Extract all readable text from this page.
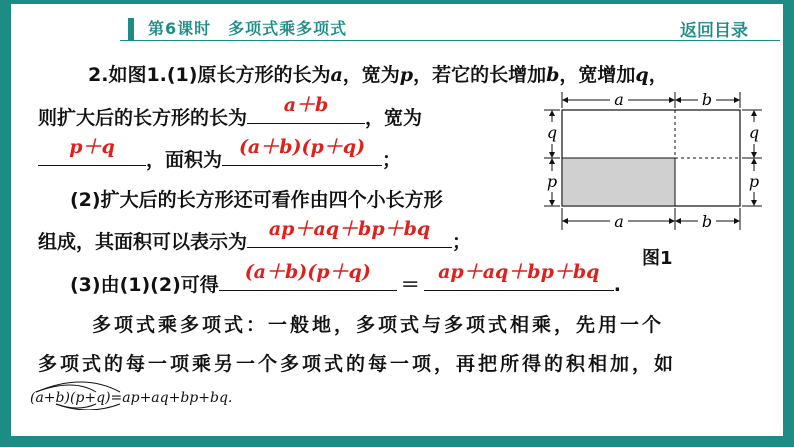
第6课时　多项式乘多项式	返回目录
2.如图1.(1)原长方形的长为a，宽为p，若它的长增加b，宽增加q，
则扩大后的长方形的长为
a＋b
，宽为
p＋q
，面积为
(a＋b)(p＋q)
；
(2)扩大后的长方形还可看作由四个小长方形
组成，其面积可以表示为
ap＋aq＋bp＋bq
；
(3)由(1)(2)可得
(a＋b)(p＋q)
＝
ap＋aq＋bp＋bq
.
多项式乘多项式：一般地，多项式与多项式相乘，先用一个
多项式的每一项乘另一个多项式的每一项，再把所得的积相加，如
(a+b)(p+q)=ap+aq+bp+bq.
a	b
a	b
q
p
q
p
图1
